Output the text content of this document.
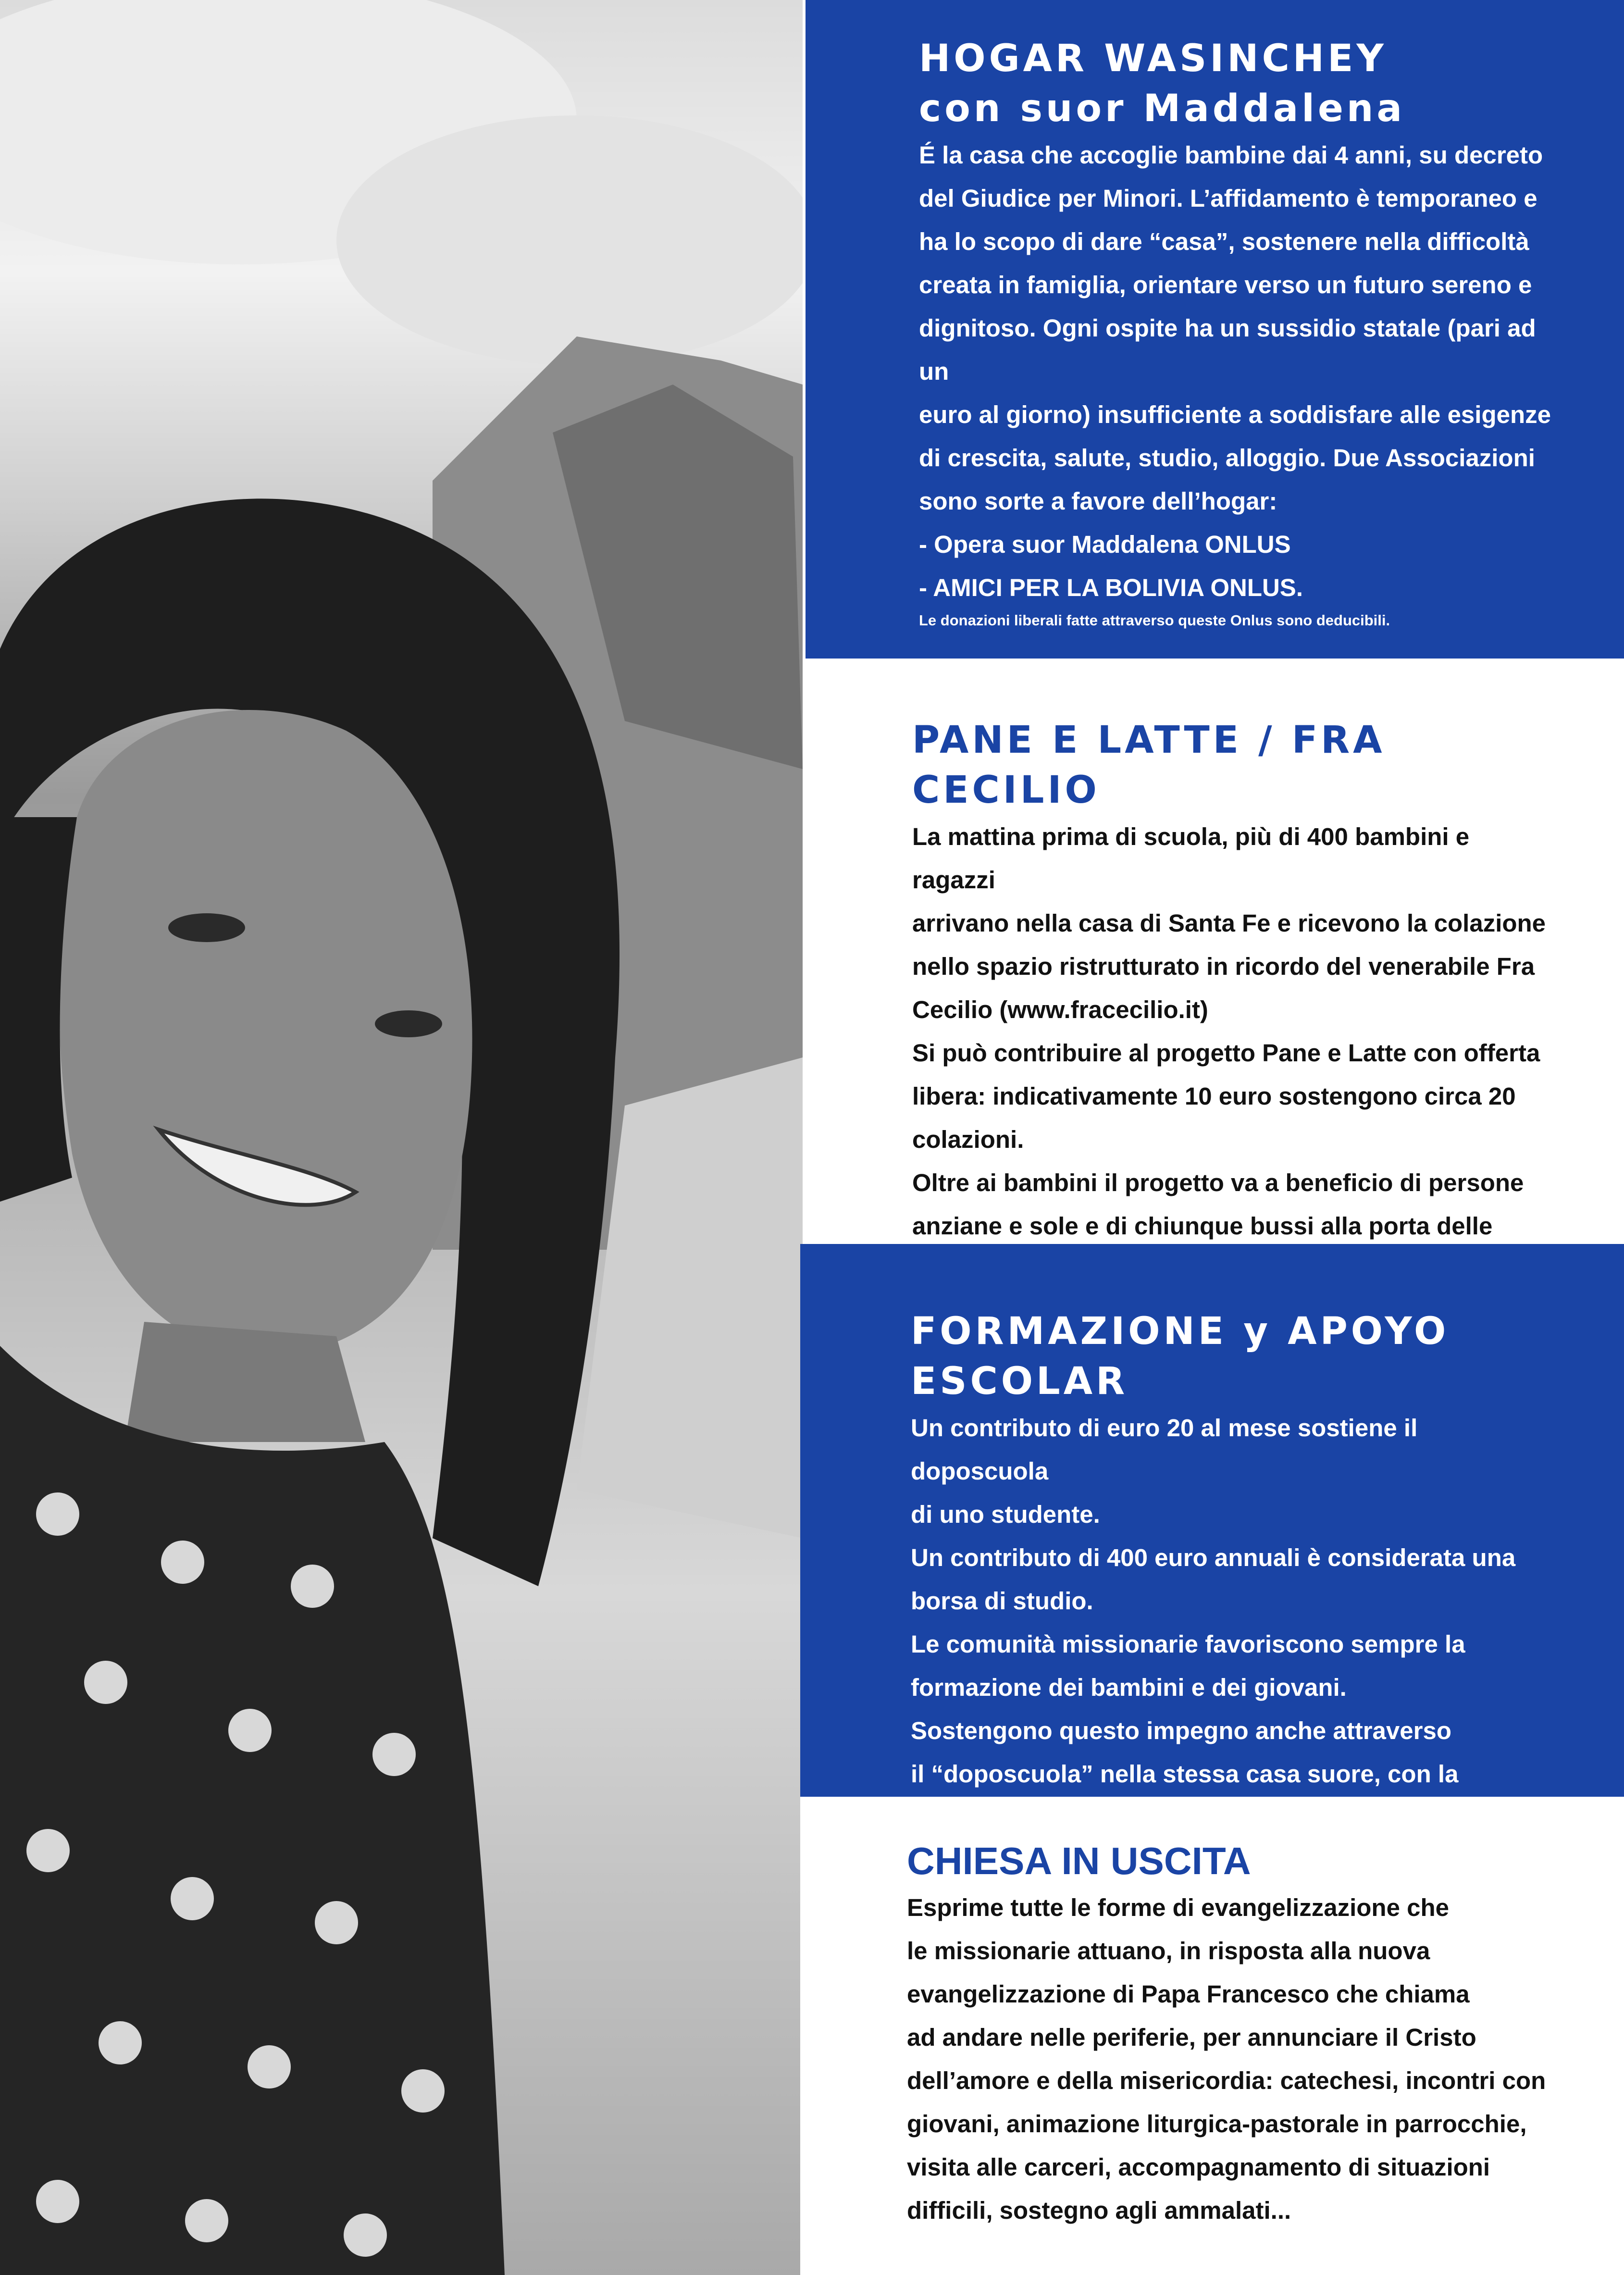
HOGAR WASINCHEY
con suor Maddalena

É la casa che accoglie bambine dai 4 anni, su decreto
del Giudice per Minori. L’affidamento è temporaneo e
ha lo scopo di dare “casa”, sostenere nella difficoltà
creata in famiglia, orientare verso un futuro sereno e
dignitoso. Ogni ospite ha un sussidio statale (pari ad un
euro al giorno) insufficiente a soddisfare alle esigenze
di crescita, salute, studio, alloggio. Due Associazioni
sono sorte a favore dell’hogar:
- Opera suor Maddalena ONLUS
- AMICI PER LA BOLIVIA ONLUS.

Le donazioni liberali fatte attraverso queste Onlus sono deducibili.

PANE E LATTE / FRA CECILIO

La mattina prima di scuola, più di 400 bambini e ragazzi
arrivano nella casa di Santa Fe e ricevono la colazione
nello spazio ristrutturato in ricordo del venerabile Fra
Cecilio (www.fracecilio.it)
Si può contribuire al progetto Pane e Latte con offerta
libera: indicativamente 10 euro sostengono circa 20
colazioni.
Oltre ai bambini il progetto va a beneficio di persone
anziane e sole e di chiunque bussi alla porta delle

FORMAZIONE y APOYO ESCOLAR

Un contributo di euro 20 al mese sostiene il doposcuola
di uno studente.
Un contributo di 400 euro annuali è considerata una
borsa di studio.
Le comunità missionarie favoriscono sempre la
formazione dei bambini e dei giovani.
Sostengono questo impegno anche attraverso
il “doposcuola” nella stessa casa suore, con la

CHIESA IN USCITA

Esprime tutte le forme di evangelizzazione che
le missionarie attuano, in risposta alla nuova
evangelizzazione di Papa Francesco che chiama
ad andare nelle periferie, per annunciare il Cristo
dell’amore e della misericordia: catechesi, incontri con
giovani, animazione liturgica-pastorale in parrocchie,
visita alle carceri, accompagnamento di situazioni
difficili, sostegno agli ammalati...
